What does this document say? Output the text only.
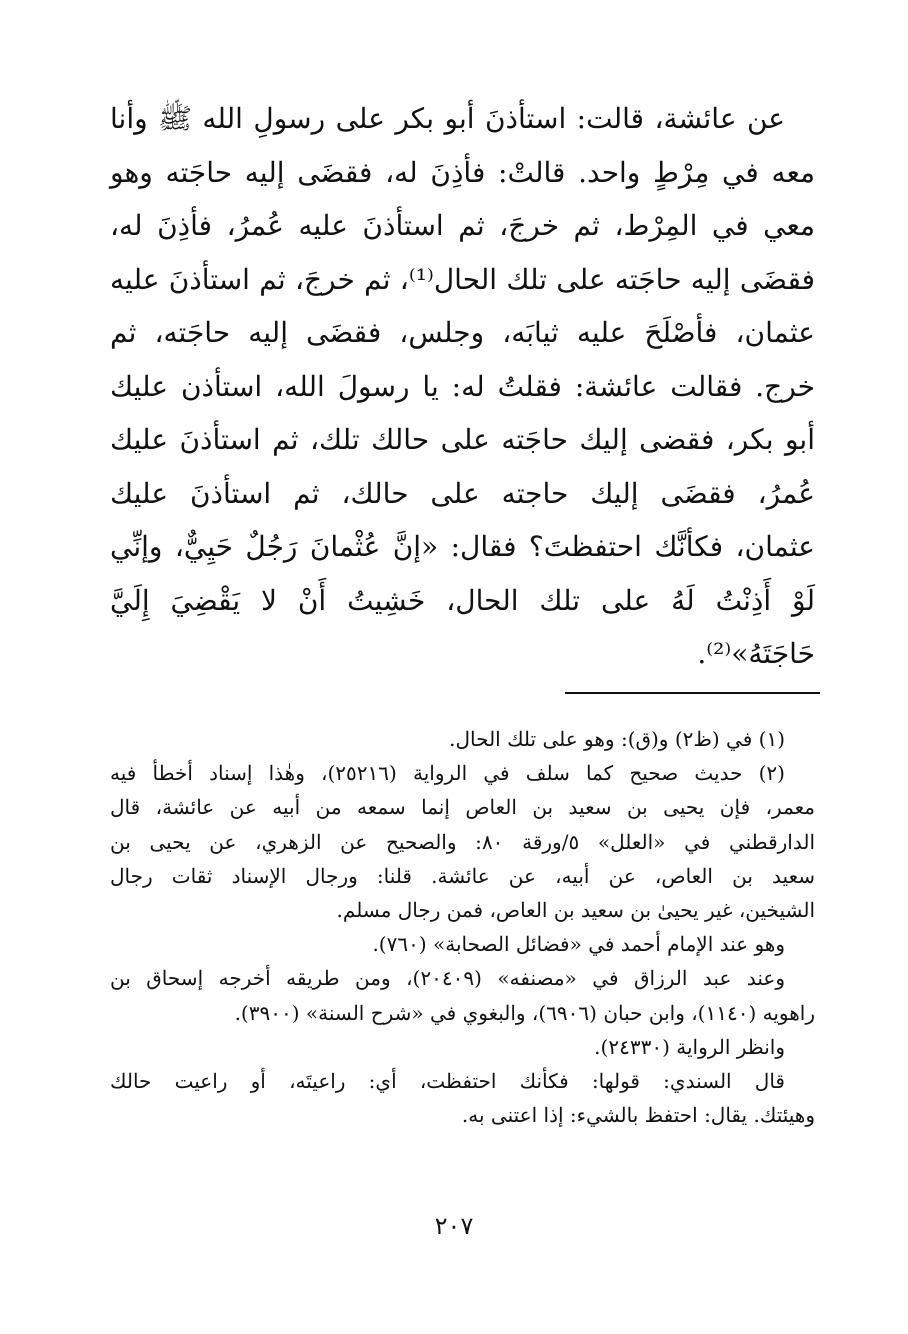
عن عائشة، قالت: استأذنَ أبو بكر على رسولِ الله ﷺ وأنا
معه في مِرْطٍ واحد. قالتْ: فأذِنَ له، فقضَى إليه حاجَته وهو
معي في المِرْط، ثم خرجَ، ثم استأذنَ عليه عُمرُ، فأذِنَ له،
فقضَى إليه حاجَته على تلك الحال⁽¹⁾، ثم خرجَ، ثم استأذنَ عليه
عثمان، فأصْلَحَ عليه ثيابَه، وجلس، فقضَى إليه حاجَته، ثم
خرج. فقالت عائشة: فقلتُ له: يا رسولَ الله، استأذن عليك
أبو بكر، فقضى إليك حاجَته على حالك تلك، ثم استأذنَ عليك
عُمرُ، فقضَى إليك حاجته على حالك، ثم استأذنَ عليك
عثمان، فكأنَّك احتفظتَ؟ فقال: «إنَّ عُثْمانَ رَجُلٌ حَيِيٌّ، وإنِّي
لَوْ أَذِنْتُ لَهُ على تلك الحال، خَشِيتُ أَنْ لا يَقْضِيَ إِلَيَّ
حَاجَتَهُ»⁽²⁾.
(١) في (ظ٢) و(ق): وهو على تلك الحال.
(٢) حديث صحيح كما سلف في الرواية (٢٥٢١٦)، وهٰذا إسناد أخطأ فيه
معمر، فإن يحيى بن سعيد بن العاص إنما سمعه من أبيه عن عائشة، قال
الدارقطني في «العلل» ٥/ورقة ٨٠: والصحيح عن الزهري، عن يحيى بن
سعيد بن العاص، عن أبيه، عن عائشة. قلنا: ورجال الإسناد ثقات رجال
الشيخين، غير يحيىٰ بن سعيد بن العاص، فمن رجال مسلم.
وهو عند الإمام أحمد في «فضائل الصحابة» (٧٦٠).
وعند عبد الرزاق في «مصنفه» (٢٠٤٠٩)، ومن طريقه أخرجه إسحاق بن
راهويه (١١٤٠)، وابن حبان (٦٩٠٦)، والبغوي في «شرح السنة» (٣٩٠٠).
وانظر الرواية (٢٤٣٣٠).
قال السندي: قولها: فكأنك احتفظت، أي: راعيتَه، أو راعيت حالك
وهيئتك. يقال: احتفظ بالشيء: إذا اعتنى به.
٢٠٧
